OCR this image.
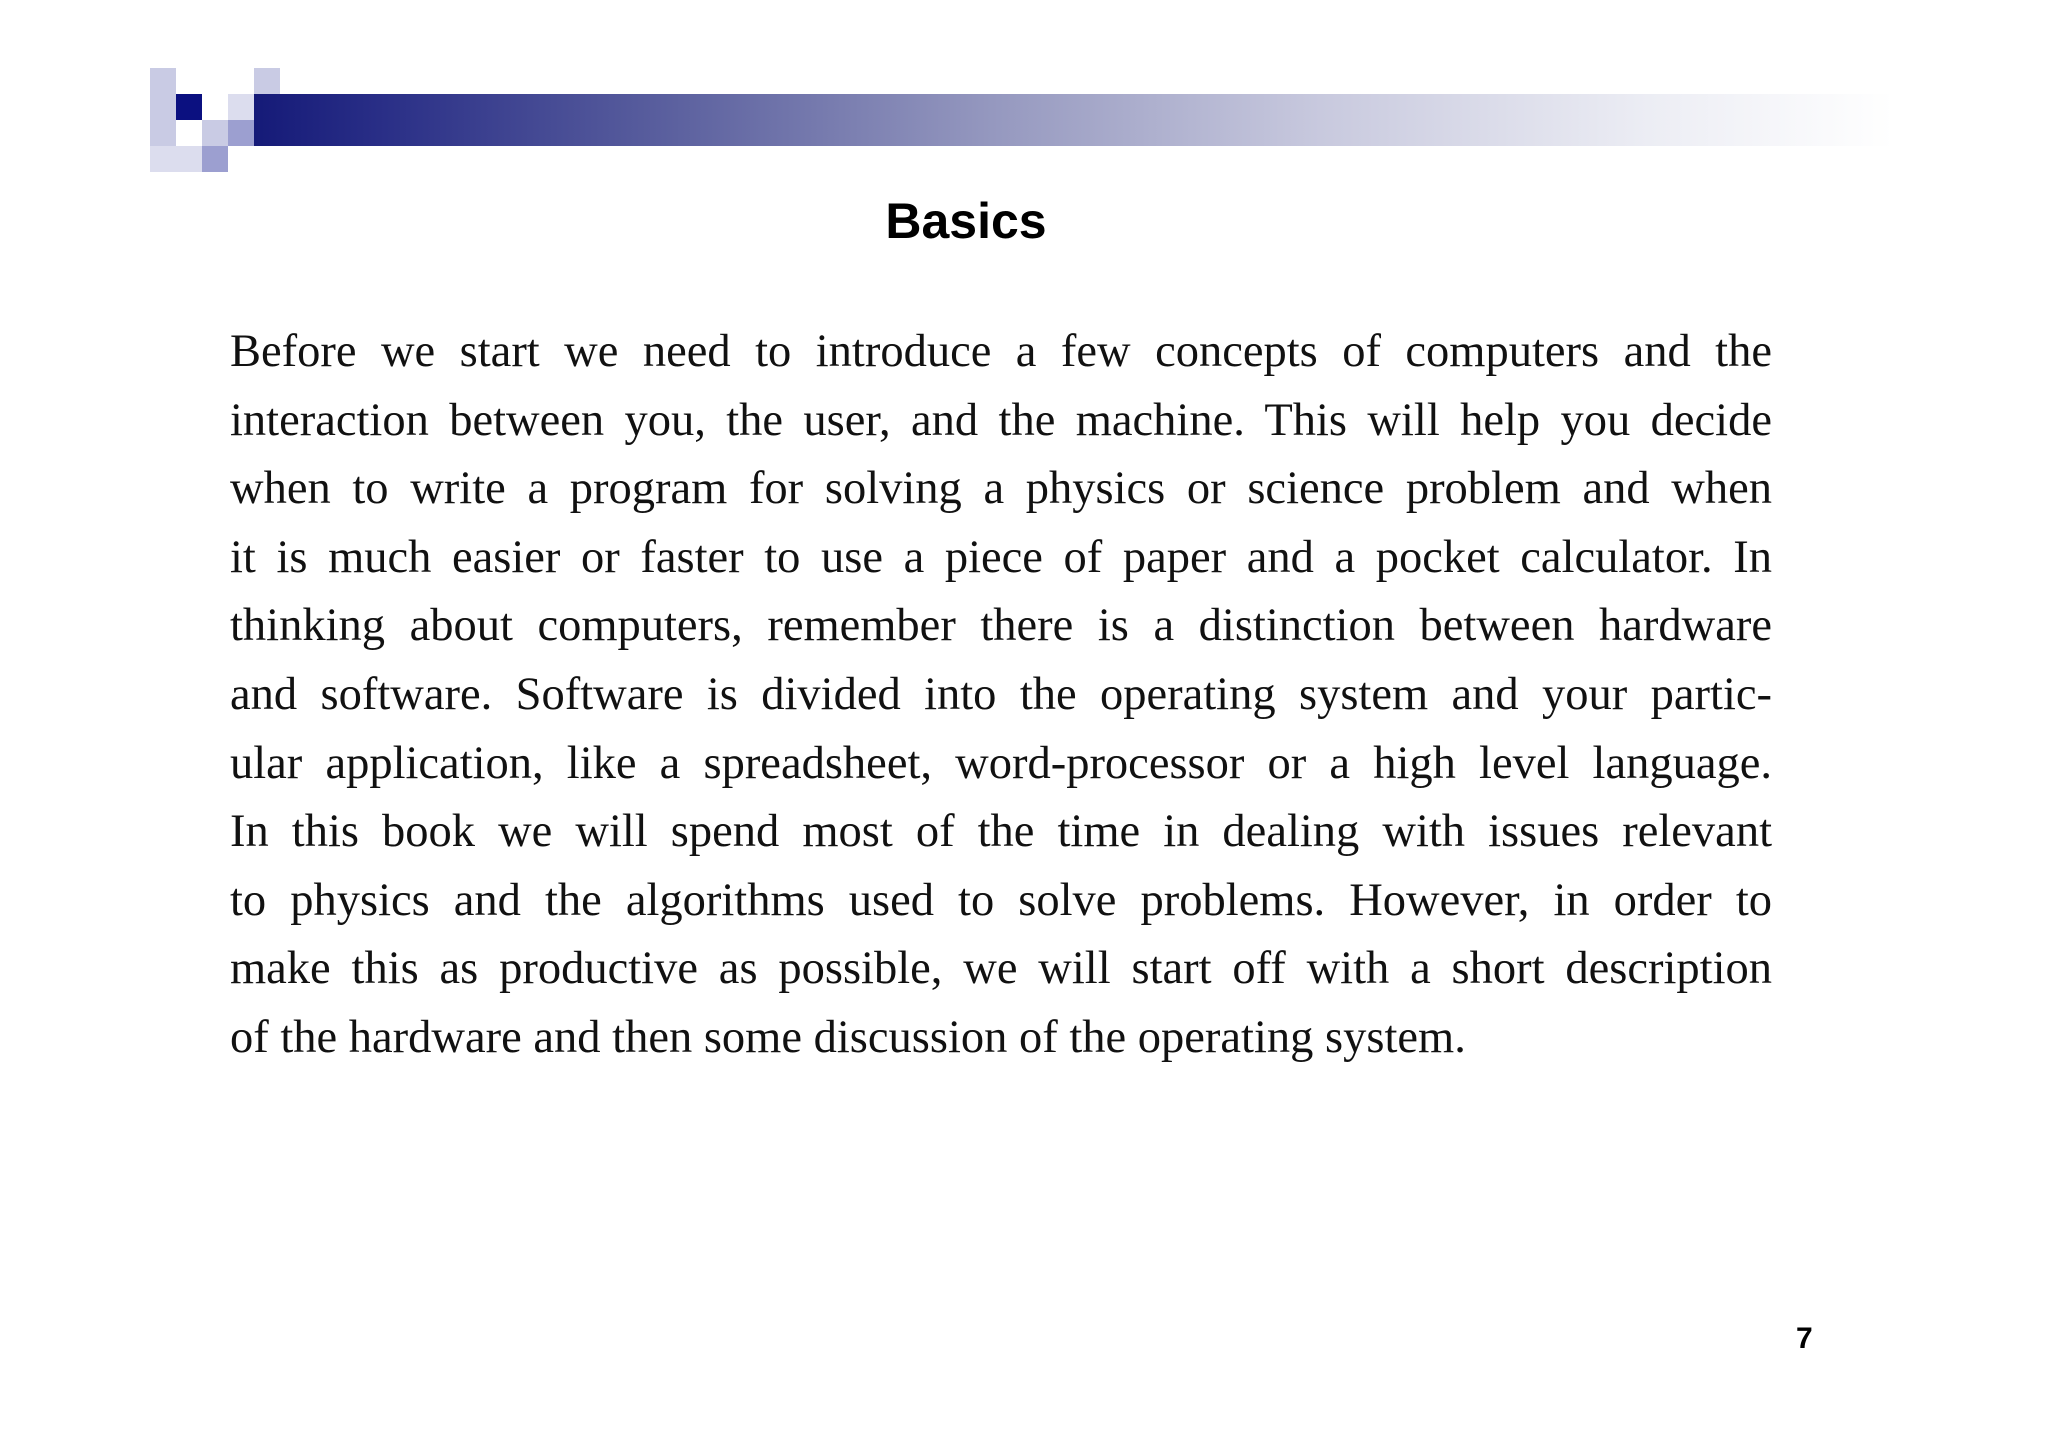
Basics
Before we start we need to introduce a few concepts of computers and the
interaction between you, the user, and the machine. This will help you decide
when to write a program for solving a physics or science problem and when
it is much easier or faster to use a piece of paper and a pocket calculator. In
thinking about computers, remember there is a distinction between hardware
and software. Software is divided into the operating system and your partic-
ular application, like a spreadsheet, word-processor or a high level language.
In this book we will spend most of the time in dealing with issues relevant
to physics and the algorithms used to solve problems. However, in order to
make this as productive as possible, we will start off with a short description
of the hardware and then some discussion of the operating system.
7
